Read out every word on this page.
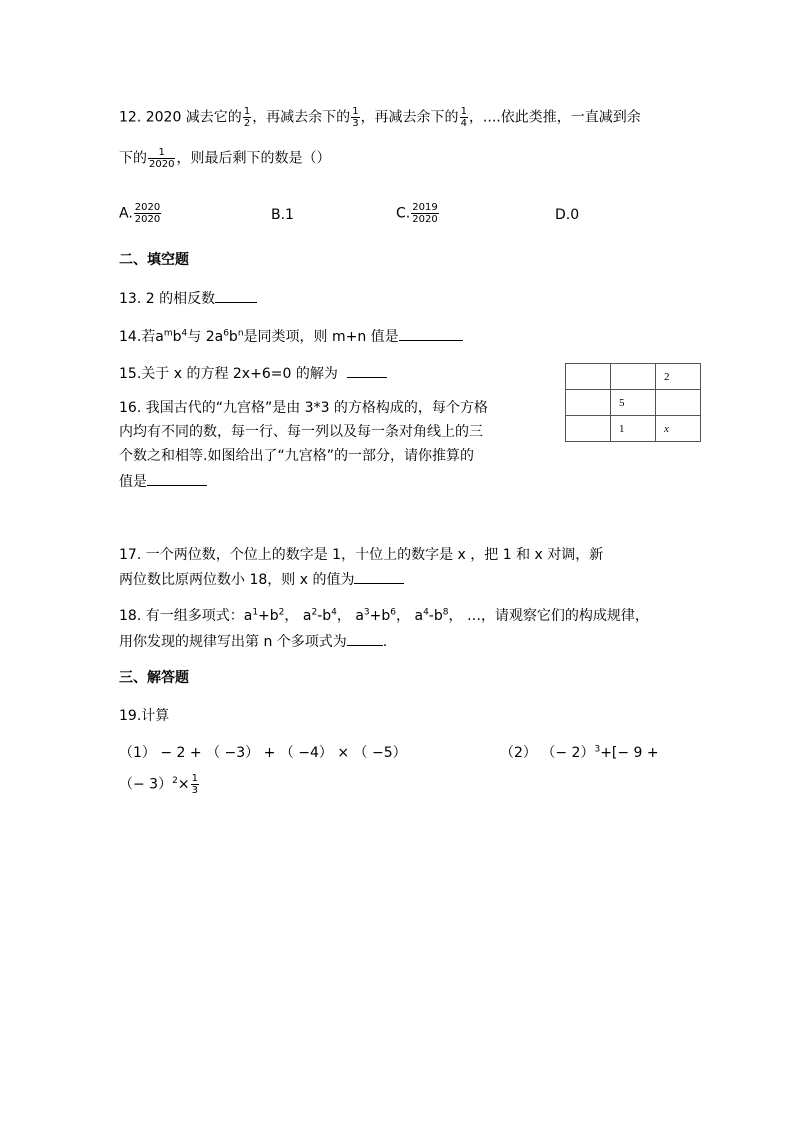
12. 2020 减去它的 $\frac{1}{2}$ ，再减去余下的 $\frac{1}{3}$ ，再减去余下的 $\frac{1}{4}$ ，....依此类推，一直减到余
下的 $\frac{1}{2020}$ ，则最后剩下的数是（）
A. $\frac{2020}{2020}$	B.1	C. $\frac{2019}{2020}$	D.0
二、填空题
13. 2 的相反数
14.若$a^mb^4$与 $2a^6b^n$是同类项，则 m+n 值是
15.关于 x 的方程 2x+6=0 的解为
16. 我国古代的“九宫格”是由 3*3 的方格构成的，每个方格
内均有不同的数，每一行、每一列以及每一条对角线上的三
个数之和相等.如图给出了“九宫格”的一部分，请你推算的
值是
		2
	5	
	1	x
17. 一个两位数，个位上的数字是 1，十位上的数字是 x ，把 1 和 x 对调，新
两位数比原两位数小 18，则 x 的值为
18. 有一组多项式：$a^1+b^2$， $a^2-b^4$， $a^3+b^6$， $a^4-b^8$， …，请观察它们的构成规律，
用你发现的规律写出第 n 个多项式为	.
三、解答题
19.计算
（1） − 2 + （ −3） + （ −4） × （ −5）	（2） （− 2）$^3$+[− 9 +
（− $3)^2\times \frac{1}{3}$
